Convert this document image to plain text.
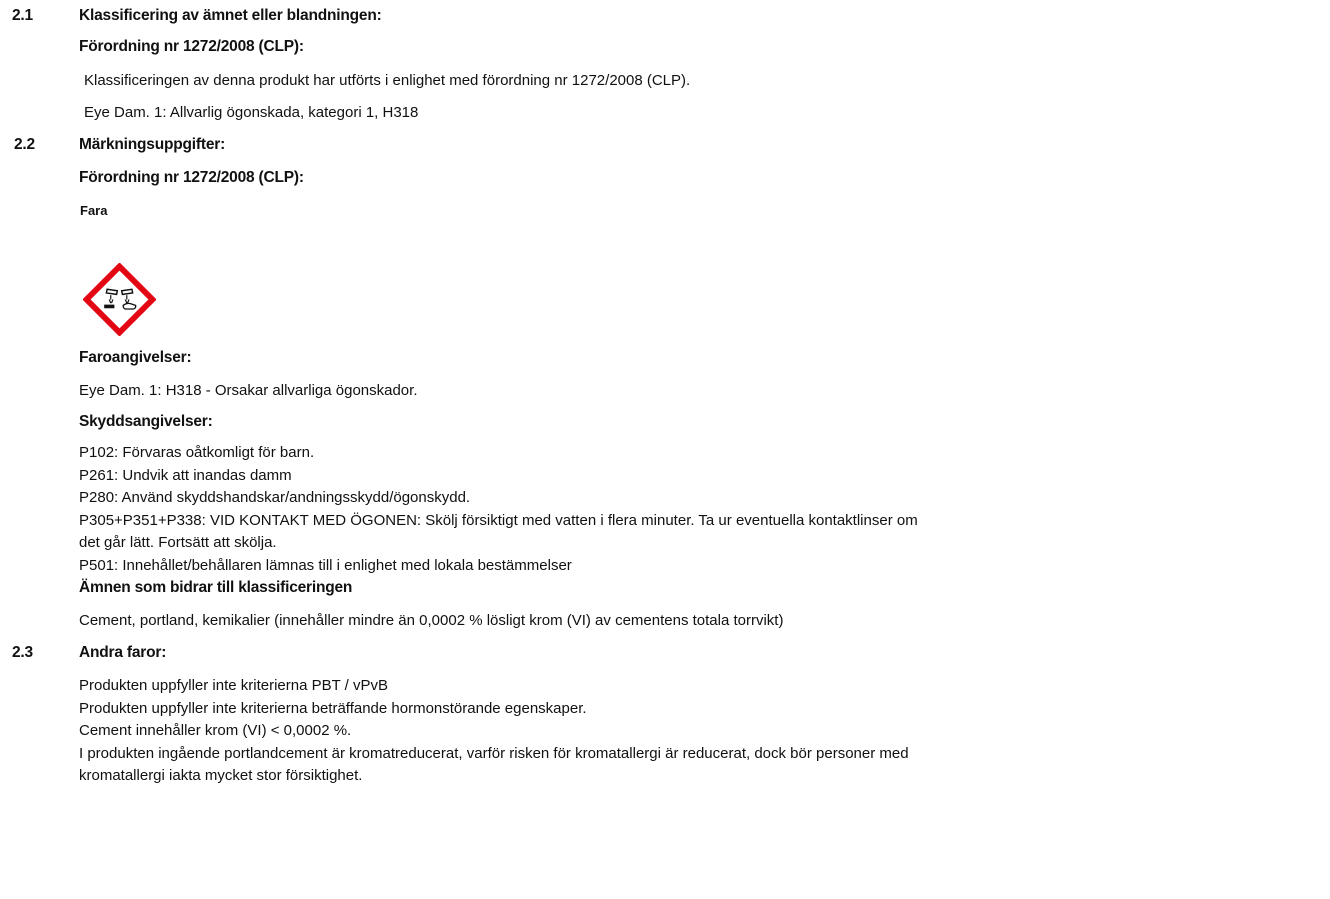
2.1	Klassificering av ämnet eller blandningen:
Förordning nr 1272/2008 (CLP):
Klassificeringen av denna produkt har utförts i enlighet med förordning nr 1272/2008 (CLP).
Eye Dam. 1: Allvarlig ögonskada, kategori 1, H318
2.2	Märkningsuppgifter:
Förordning nr 1272/2008 (CLP):
Fara
Faroangivelser:
Eye Dam. 1: H318 - Orsakar allvarliga ögonskador.
Skyddsangivelser:
P102: Förvaras oåtkomligt för barn.
P261: Undvik att inandas damm
P280: Använd skyddshandskar/andningsskydd/ögonskydd.
P305+P351+P338: VID KONTAKT MED ÖGONEN: Skölj försiktigt med vatten i flera minuter. Ta ur eventuella kontaktlinser om
det går lätt. Fortsätt att skölja.
P501: Innehållet/behållaren lämnas till i enlighet med lokala bestämmelser
Ämnen som bidrar till klassificeringen
Cement, portland, kemikalier (innehåller mindre än 0,0002 % lösligt krom (VI) av cementens totala torrvikt)
2.3	Andra faror:
Produkten uppfyller inte kriterierna PBT / vPvB
Produkten uppfyller inte kriterierna beträffande hormonstörande egenskaper.
Cement innehåller krom (VI) < 0,0002 %.
I produkten ingående portlandcement är kromatreducerat, varför risken för kromatallergi är reducerat, dock bör personer med
kromatallergi iakta mycket stor försiktighet.
